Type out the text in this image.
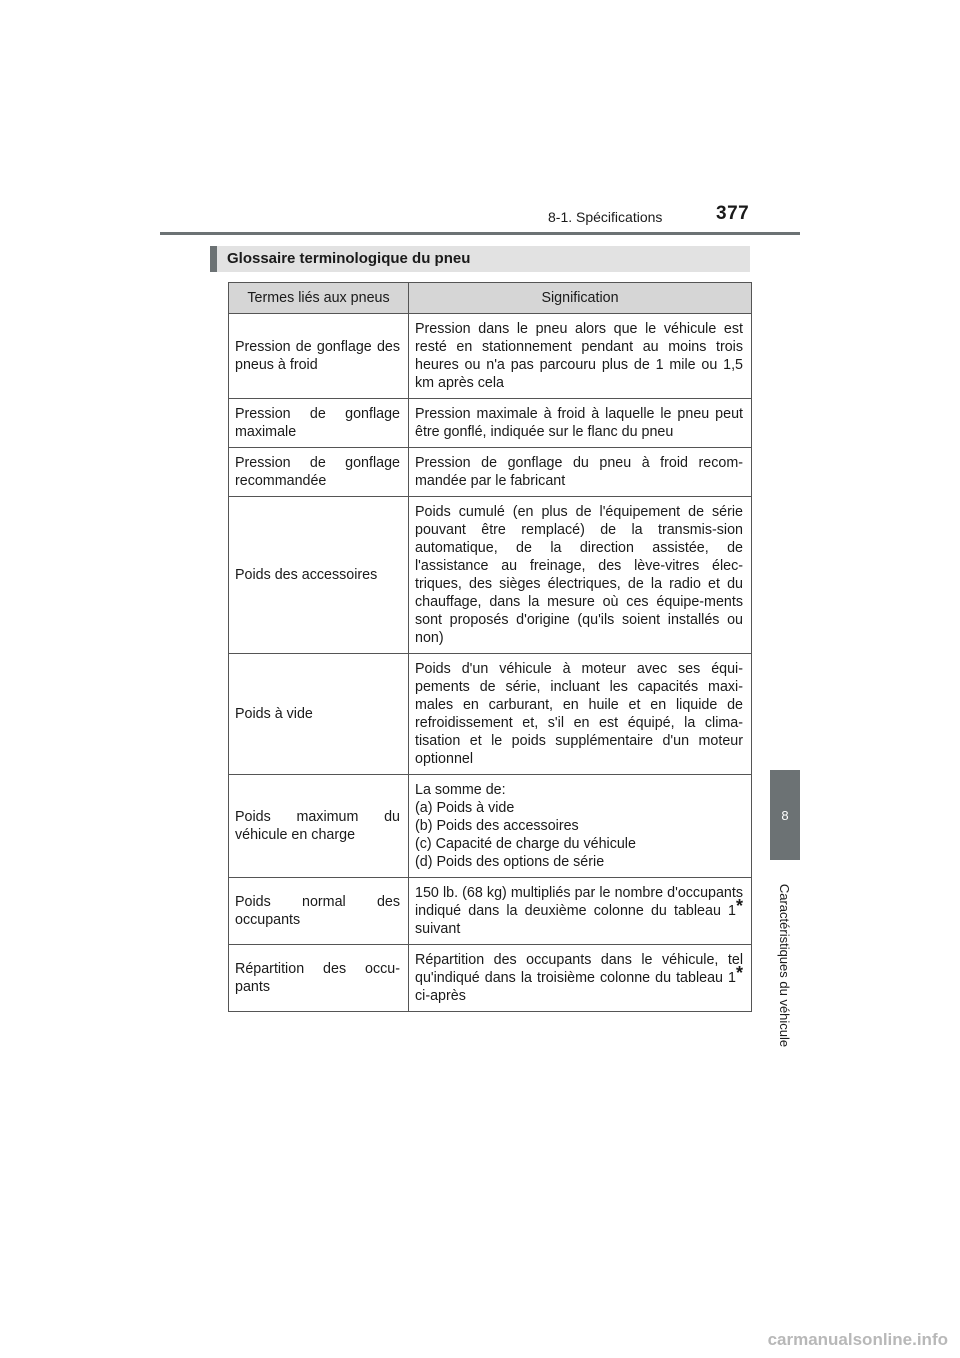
8-1. Spécifications	377
8
Caractéristiques du véhicule
Glossaire terminologique du pneu
Termes liés aux pneus	Signification
Pression de gonflage des pneus à froid	Pression dans le pneu alors que le véhicule est resté en stationnement pendant au moins trois heures ou n'a pas parcouru plus de 1 mile ou 1,5 km après cela
Pression de gonflage maximale	Pression maximale à froid à laquelle le pneu peut être gonflé, indiquée sur le flanc du pneu
Pression de gonflage recommandée	Pression de gonflage du pneu à froid recom-mandée par le fabricant
Poids des accessoires	Poids cumulé (en plus de l'équipement de série pouvant être remplacé) de la transmis-sion automatique, de la direction assistée, de l'assistance au freinage, des lève-vitres élec-triques, des sièges électriques, de la radio et du chauffage, dans la mesure où ces équipe-ments sont proposés d'origine (qu'ils soient installés ou non)
Poids à vide	Poids d'un véhicule à moteur avec ses équi-pements de série, incluant les capacités maxi-males en carburant, en huile et en liquide de refroidissement et, s'il en est équipé, la clima-tisation et le poids supplémentaire d'un moteur optionnel
Poids maximum du véhicule en charge	La somme de:
(a) Poids à vide
(b) Poids des accessoires
(c) Capacité de charge du véhicule
(d) Poids des options de série

Poids normal des occupants	150 lb. (68 kg) multipliés par le nombre d'occupants indiqué dans la deuxième colonne du tableau 1* suivant
Répartition des occu-pants	Répartition des occupants dans le véhicule, tel qu'indiqué dans la troisième colonne du tableau 1* ci-après
carmanualsonline.info
